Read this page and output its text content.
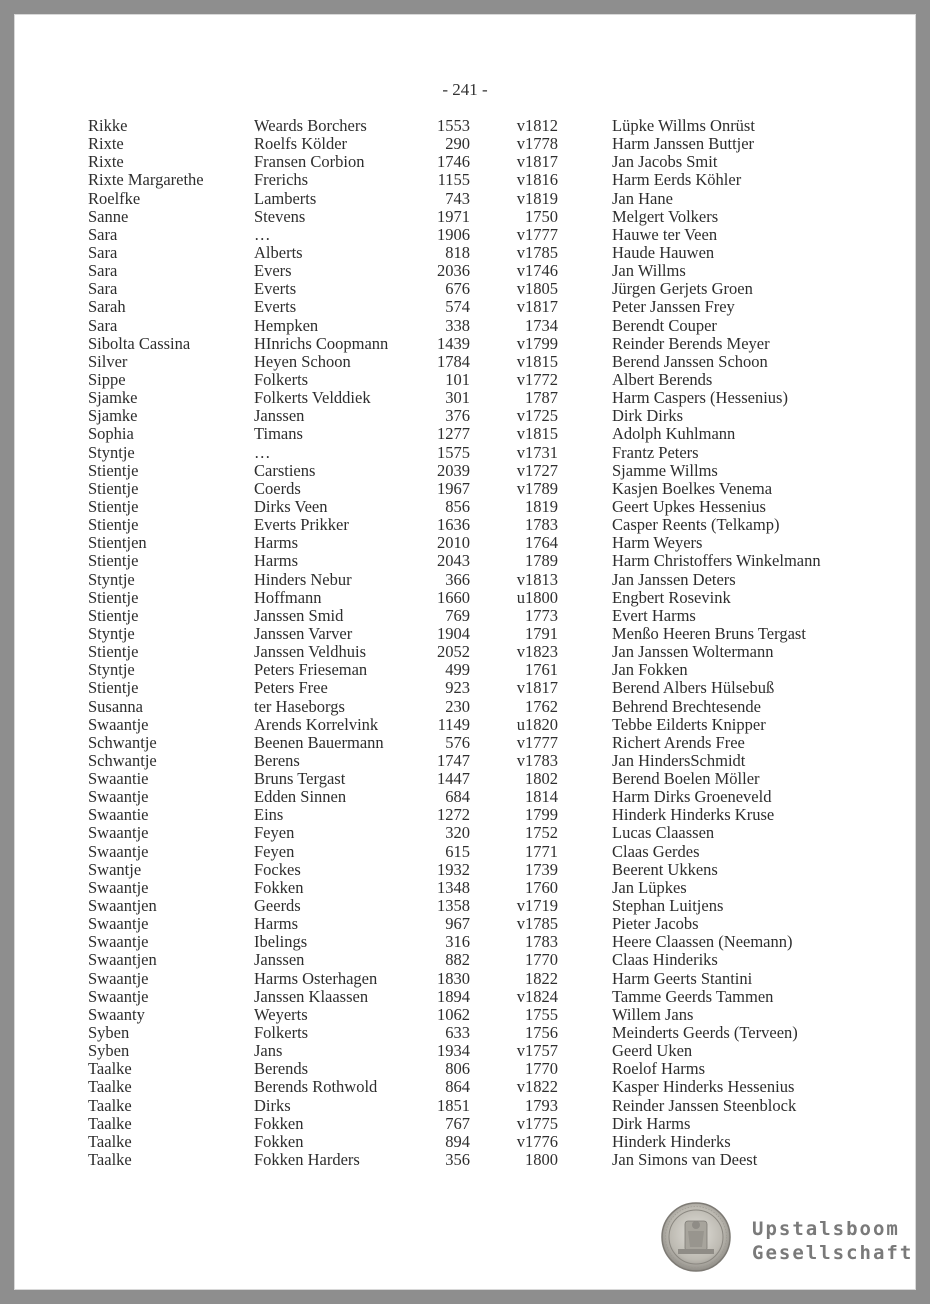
- 241 -
Rikke	Weards Borchers	1553	v1812	Lüpke Willms Onrüst
Rixte	Roelfs Kölder	290	v1778	Harm Janssen Buttjer
Rixte	Fransen Corbion	1746	v1817	Jan Jacobs Smit
Rixte Margarethe	Frerichs	1155	v1816	Harm Eerds Köhler
Roelfke	Lamberts	743	v1819	Jan Hane
Sanne	Stevens	1971	1750	Melgert Volkers
Sara	…	1906	v1777	Hauwe ter Veen
Sara	Alberts	818	v1785	Haude Hauwen
Sara	Evers	2036	v1746	Jan Willms
Sara	Everts	676	v1805	Jürgen Gerjets Groen
Sarah	Everts	574	v1817	Peter Janssen Frey
Sara	Hempken	338	1734	Berendt Couper
Sibolta Cassina	HInrichs Coopmann	1439	v1799	Reinder Berends Meyer
Silver	Heyen Schoon	1784	v1815	Berend Janssen Schoon
Sippe	Folkerts	101	v1772	Albert Berends
Sjamke	Folkerts Velddiek	301	1787	Harm Caspers (Hessenius)
Sjamke	Janssen	376	v1725	Dirk Dirks
Sophia	Timans	1277	v1815	Adolph Kuhlmann
Styntje	…	1575	v1731	Frantz Peters
Stientje	Carstiens	2039	v1727	Sjamme Willms
Stientje	Coerds	1967	v1789	Kasjen Boelkes Venema
Stientje	Dirks Veen	856	1819	Geert Upkes Hessenius
Stientje	Everts Prikker	1636	1783	Casper Reents (Telkamp)
Stientjen	Harms	2010	1764	Harm Weyers
Stientje	Harms	2043	1789	Harm Christoffers Winkelmann
Styntje	Hinders Nebur	366	v1813	Jan Janssen Deters
Stientje	Hoffmann	1660	u1800	Engbert Rosevink
Stientje	Janssen Smid	769	1773	Evert Harms
Styntje	Janssen Varver	1904	1791	Menßo Heeren Bruns Tergast
Stientje	Janssen Veldhuis	2052	v1823	Jan Janssen Woltermann
Styntje	Peters Frieseman	499	1761	Jan Fokken
Stientje	Peters Free	923	v1817	Berend Albers Hülsebuß
Susanna	ter Haseborgs	230	1762	Behrend Brechtesende
Swaantje	Arends Korrelvink	1149	u1820	Tebbe Eilderts Knipper
Schwantje	Beenen Bauermann	576	v1777	Richert Arends Free
Schwantje	Berens	1747	v1783	Jan HindersSchmidt
Swaantie	Bruns Tergast	1447	1802	Berend Boelen Möller
Swaantje	Edden Sinnen	684	1814	Harm Dirks Groeneveld
Swaantie	Eins	1272	1799	Hinderk Hinderks Kruse
Swaantje	Feyen	320	1752	Lucas Claassen
Swaantje	Feyen	615	1771	Claas Gerdes
Swantje	Fockes	1932	1739	Beerent Ukkens
Swaantje	Fokken	1348	1760	Jan Lüpkes
Swaantjen	Geerds	1358	v1719	Stephan Luitjens
Swaantje	Harms	967	v1785	Pieter Jacobs
Swaantje	Ibelings	316	1783	Heere Claassen (Neemann)
Swaantjen	Janssen	882	1770	Claas Hinderiks
Swaantje	Harms Osterhagen	1830	1822	Harm Geerts Stantini
Swaantje	Janssen Klaassen	1894	v1824	Tamme Geerds Tammen
Swaanty	Weyerts	1062	1755	Willem Jans
Syben	Folkerts	633	1756	Meinderts Geerds (Terveen)
Syben	Jans	1934	v1757	Geerd Uken
Taalke	Berends	806	1770	Roelof Harms
Taalke	Berends Rothwold	864	v1822	Kasper Hinderks Hessenius
Taalke	Dirks	1851	1793	Reinder Janssen Steenblock
Taalke	Fokken	767	v1775	Dirk Harms
Taalke	Fokken	894	v1776	Hinderk Hinderks
Taalke	Fokken Harders	356	1800	Jan Simons van Deest
Upstalsboom
Gesellschaft
